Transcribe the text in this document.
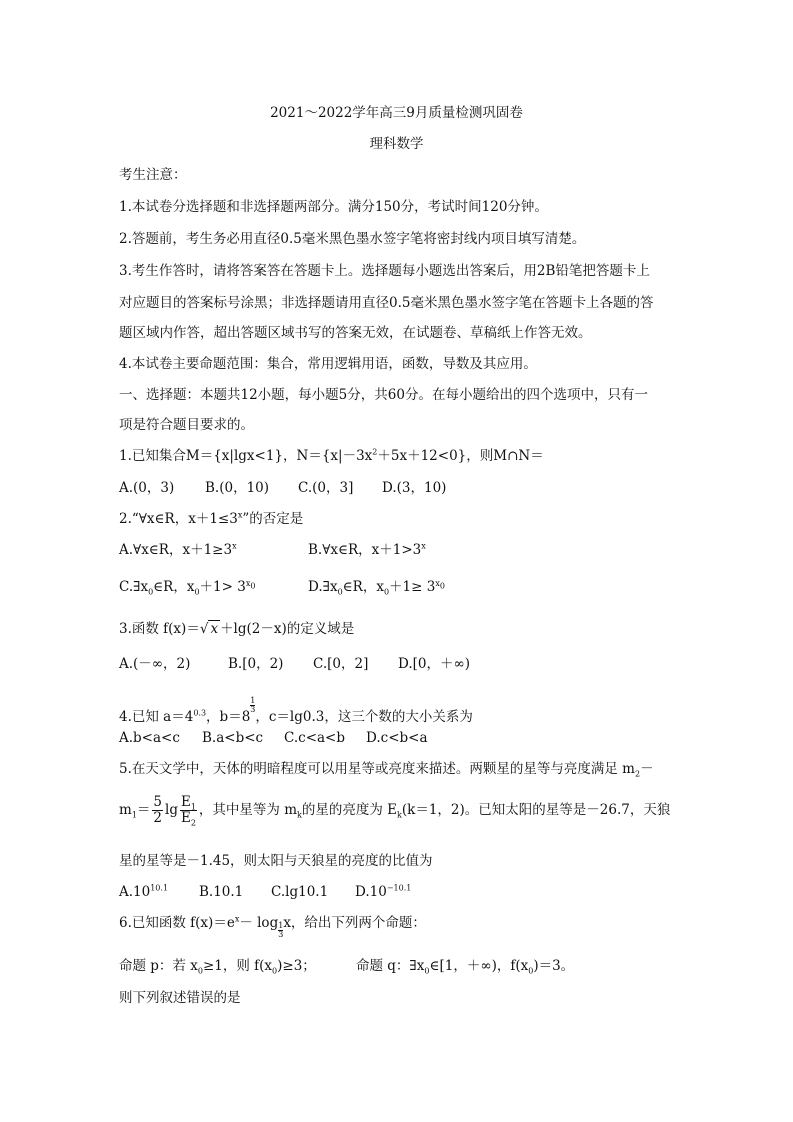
2021～2022学年高三9月质量检测巩固卷
理科数学
考生注意：
1.本试卷分选择题和非选择题两部分。满分150分，考试时间120分钟。
2.答题前，考生务必用直径0.5毫米黑色墨水签字笔将密封线内项目填写清楚。
3.考生作答时，请将答案答在答题卡上。选择题每小题选出答案后，用2B铅笔把答题卡上
对应题目的答案标号涂黑；非选择题请用直径0.5毫米黑色墨水签字笔在答题卡上各题的答
题区域内作答，超出答题区域书写的答案无效，在试题卷、草稿纸上作答无效。
4.本试卷主要命题范围：集合，常用逻辑用语，函数，导数及其应用。
一、选择题：本题共12小题，每小题5分，共60分。在每小题给出的四个选项中，只有一
项是符合题目要求的。
1.已知集合M＝{x|lgx<1}，$N=\{x|-3x^2+5x+12<0\}$，则M∩N＝
A.(0，3) B.(0，10) C.(0，3] D.(3，10)
2.“∀x∈R，$x+1\le 3^x$”的否定是
A.∀x∈R，$x+1\ge 3^x$	B.∀x∈R，$x+1>3^x$
$C.\exists x_0\in R$，$x_0+1> 3^{x_0}$	$D.\exists x_0\in R$，$x_0+1\ge 3^{x_0}$
3.函数 f(x)＝√ x ＋lg(2－x)的定义域是
A.(－∞，2)	B.[0，2) C.[0，2] D.[0，＋∞)
4.已知 $a=4^{0.3}$，b＝8
$\frac{1}{3}$
，c＝lg0.3，这三个数的大小关系为
A.b<a<c B.a<b<c C.c<a<b D.c<b<a
5.在天文学中，天体的明暗程度可以用星等或亮度来描述。两颗星的星等与亮度满足 $m_2-$
$m_1= \frac{5}{2}$ $\lg \frac{E_1}{E_2}$ ，其中星等为 $m_k$的星的亮度为 $E_k(k=1$，2)。已知太阳的星等是－26.7，天狼
星的星等是－1.45，则太阳与天狼星的亮度的比值为
$A.10^{10.1}$ B.10.1 C.lg10.1 $D.10^{-10.1}$
6.已知函数 $f(x)=e^x- \log \frac{1}{3}$ x，给出下列两个命题：
命题 p：若 $x_0\ge 1$，则 $f(x_0)\ge 3$；	命题 q：$\exists x_0\in[1$，＋∞)，$f(x_0)=3$。
则下列叙述错误的是
